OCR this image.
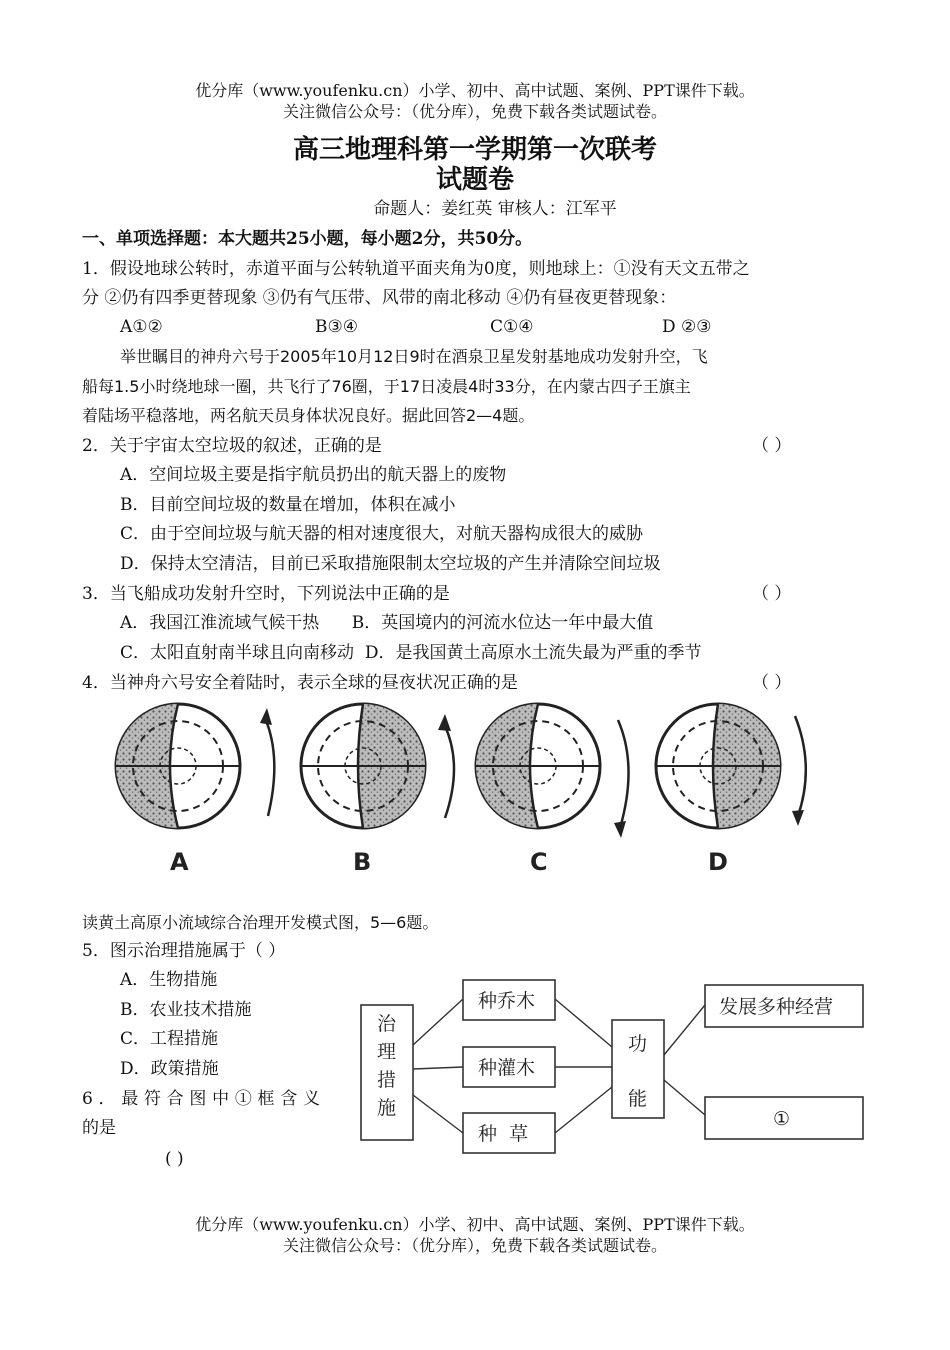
优分库（www.youfenku.cn）小学、初中、高中试题、案例、PPT课件下载。
关注微信公众号：（优分库），免费下载各类试题试卷。
高三地理科第一学期第一次联考
试题卷
命题人：姜红英 审核人：江军平
一、单项选择题：本大题共25小题，每小题2分，共50分。
1．假设地球公转时，赤道平面与公转轨道平面夹角为0度，则地球上：①没有天文五带之
分 ②仍有四季更替现象 ③仍有气压带、风带的南北移动 ④仍有昼夜更替现象：
A①②	B③④	C①④	D ②③
举世瞩目的神舟六号于2005年10月12日9时在酒泉卫星发射基地成功发射升空，飞
船每1.5小时绕地球一圈，共飞行了76圈，于17日凌晨4时33分，在内蒙古四子王旗主
着陆场平稳落地，两名航天员身体状况良好。据此回答2—4题。
2．关于宇宙太空垃圾的叙述，正确的是	（ ）
A．空间垃圾主要是指宇航员扔出的航天器上的废物
B．目前空间垃圾的数量在增加，体积在减小
C．由于空间垃圾与航天器的相对速度很大，对航天器构成很大的威胁
D．保持太空清洁，目前已采取措施限制太空垃圾的产生并清除空间垃圾
3．当飞船成功发射升空时，下列说法中正确的是	（ ）
A．我国江淮流域气候干热      B．英国境内的河流水位达一年中最大值
C．太阳直射南半球且向南移动  D．是我国黄土高原水土流失最为严重的季节
4．当神舟六号安全着陆时，表示全球的昼夜状况正确的是	（ ）
A	B	C	D
读黄土高原小流域综合治理开发模式图，5—6题。
5．图示治理措施属于（ ）
A．生物措施
B．农业技术措施
C．工程措施
D．政策措施
6．最符合图中①框含义
的是
( )
治
理
措
施
种乔木
种灌木
种  草
功
能
发展多种经营
①
优分库（www.youfenku.cn）小学、初中、高中试题、案例、PPT课件下载。
关注微信公众号：（优分库），免费下载各类试题试卷。
